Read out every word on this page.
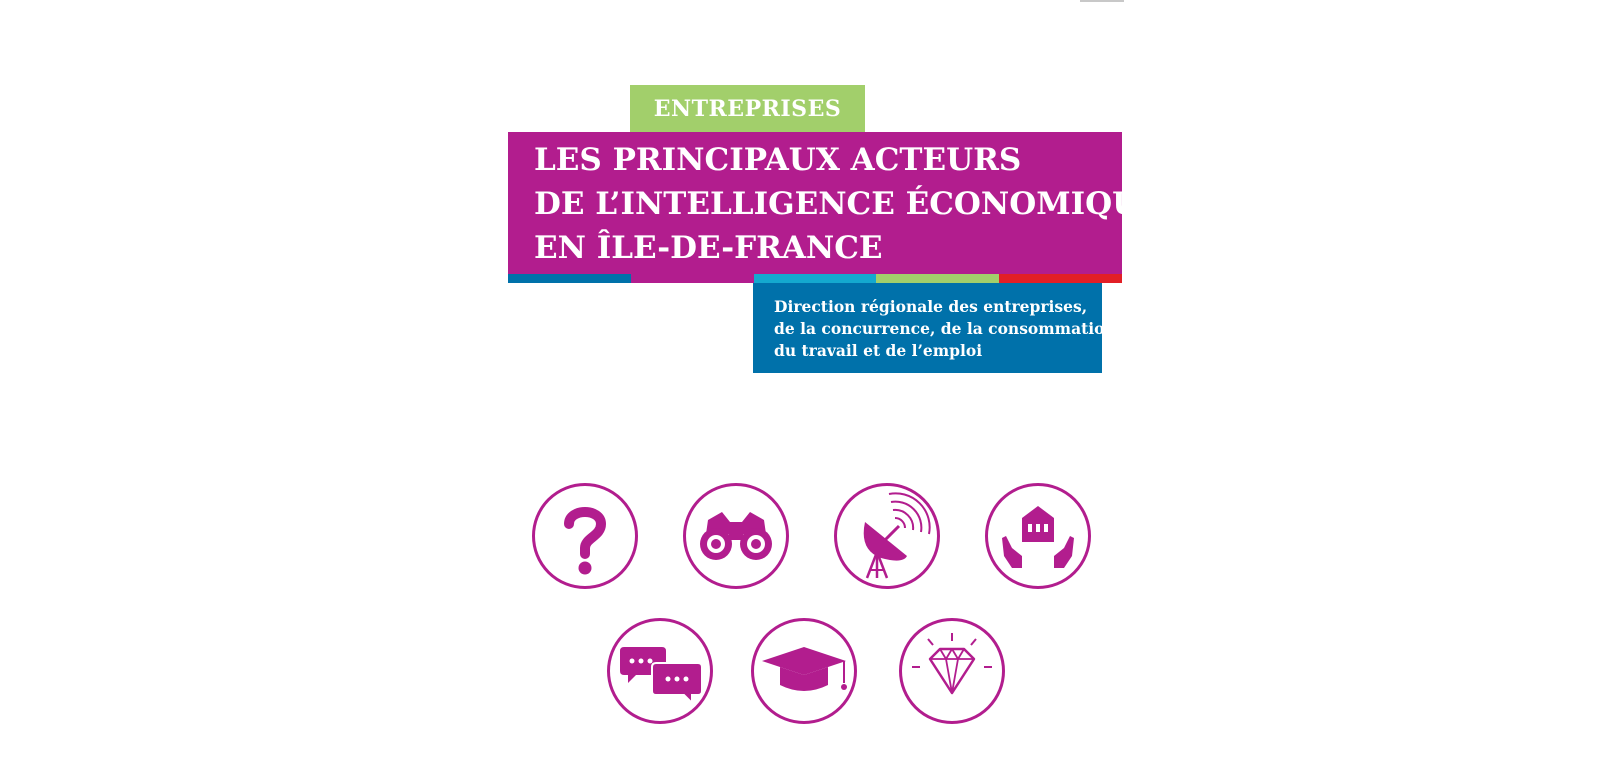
ENTREPRISES
LES PRINCIPAUX ACTEURS
DE L’INTELLIGENCE ÉCONOMIQUE
EN ÎLE-DE-FRANCE
Direction régionale des entreprises,
de la concurrence, de la consommation,
du travail et de l’emploi
